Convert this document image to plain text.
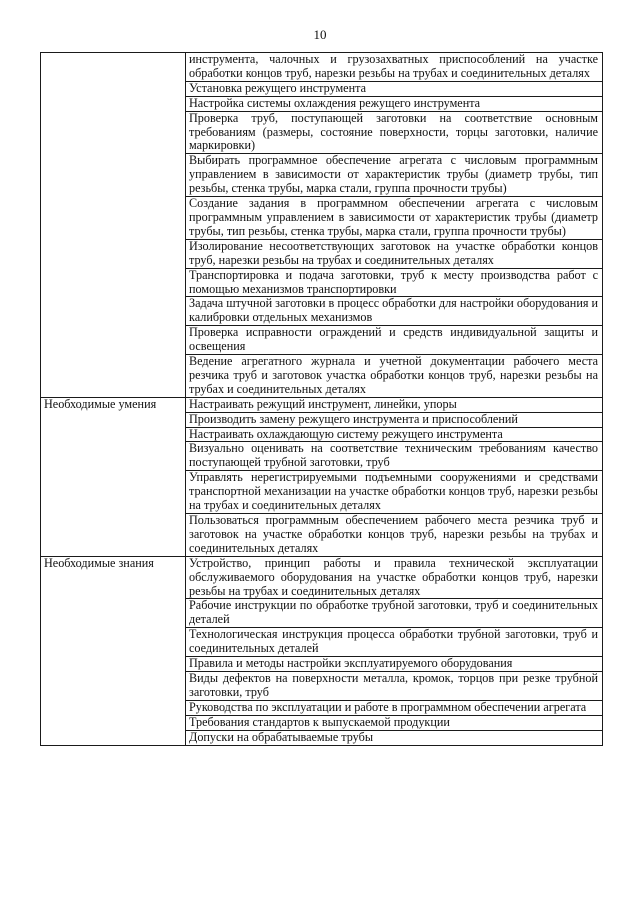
10
	инструмента, чалочных и грузозахватных приспособлений на участке обработки концов труб, нарезки резьбы на трубах и соединительных деталях
	Установка режущего инструмента
	Настройка системы охлаждения режущего инструмента
	Проверка труб, поступающей заготовки на соответствие основным требованиям (размеры, состояние поверхности, торцы заготовки, наличие маркировки)
	Выбирать программное обеспечение агрегата с числовым программным управлением в зависимости от характеристик трубы (диаметр трубы, тип резьбы, стенка трубы, марка стали, группа прочности трубы)
	Создание задания в программном обеспечении агрегата с числовым программным управлением в зависимости от характеристик трубы (диаметр трубы, тип резьбы, стенка трубы, марка стали, группа прочности трубы)
	Изолирование несоответствующих заготовок на участке обработки концов труб, нарезки резьбы на трубах и соединительных деталях
	Транспортировка и подача заготовки, труб к месту производства работ с помощью механизмов транспортировки
	Задача штучной заготовки в процесс обработки для настройки оборудования и калибровки отдельных механизмов
	Проверка исправности ограждений и средств индивидуальной защиты и освещения
	Ведение агрегатного журнала и учетной документации рабочего места резчика труб и заготовок участка обработки концов труб, нарезки резьбы на трубах и соединительных деталях
Необходимые умения	Настраивать режущий инструмент, линейки, упоры
	Производить замену режущего инструмента и приспособлений
	Настраивать охлаждающую систему режущего инструмента
	Визуально оценивать на соответствие техническим требованиям качество поступающей трубной заготовки, труб
	Управлять нерегистрируемыми подъемными сооружениями и средствами транспортной механизации на участке обработки концов труб, нарезки резьбы на трубах и соединительных деталях
	Пользоваться программным обеспечением рабочего места резчика труб и заготовок на участке обработки концов труб, нарезки резьбы на трубах и соединительных деталях
Необходимые знания	Устройство, принцип работы и правила технической эксплуатации обслуживаемого оборудования на участке обработки концов труб, нарезки резьбы на трубах и соединительных деталях
	Рабочие инструкции по обработке трубной заготовки, труб и соединительных деталей
	Технологическая инструкция процесса обработки трубной заготовки, труб и соединительных деталей
	Правила и методы настройки эксплуатируемого оборудования
	Виды дефектов на поверхности металла, кромок, торцов при резке трубной заготовки, труб
	Руководства по эксплуатации и работе в программном обеспечении агрегата
	Требования стандартов к выпускаемой продукции
	Допуски на обрабатываемые трубы
